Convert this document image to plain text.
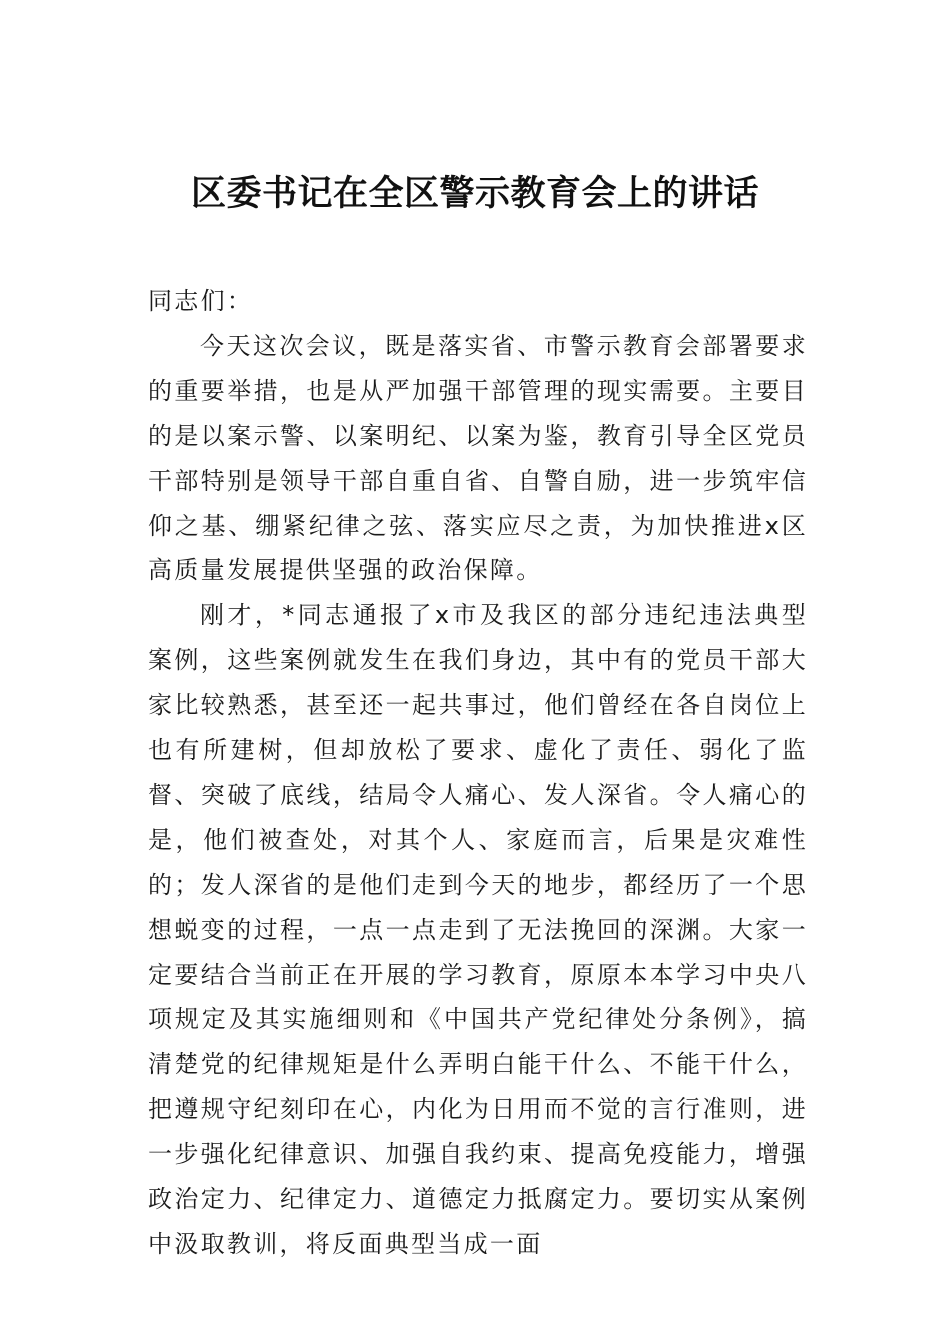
区委书记在全区警示教育会上的讲话

同志们：

今天这次会议，既是落实省、市警示教育会部署要求的重要举措，也是从严加强干部管理的现实需要。主要目的是以案示警、以案明纪、以案为鉴，教育引导全区党员干部特别是领导干部自重自省、自警自励，进一步筑牢信仰之基、绷紧纪律之弦、落实应尽之责，为加快推进x区高质量发展提供坚强的政治保障。

刚才，*同志通报了x市及我区的部分违纪违法典型案例，这些案例就发生在我们身边，其中有的党员干部大家比较熟悉，甚至还一起共事过，他们曾经在各自岗位上也有所建树，但却放松了要求、虚化了责任、弱化了监督、突破了底线，结局令人痛心、发人深省。令人痛心的是，他们被查处，对其个人、家庭而言，后果是灾难性的；发人深省的是他们走到今天的地步，都经历了一个思想蜕变的过程，一点一点走到了无法挽回的深渊。大家一定要结合当前正在开展的学习教育，原原本本学习中央八项规定及其实施细则和《中国共产党纪律处分条例》，搞清楚党的纪律规矩是什么弄明白能干什么、不能干什么，把遵规守纪刻印在心，内化为日用而不觉的言行准则，进一步强化纪律意识、加强自我约束、提高免疫能力，增强政治定力、纪律定力、道德定力抵腐定力。要切实从案例中汲取教训，将反面典型当成一面
